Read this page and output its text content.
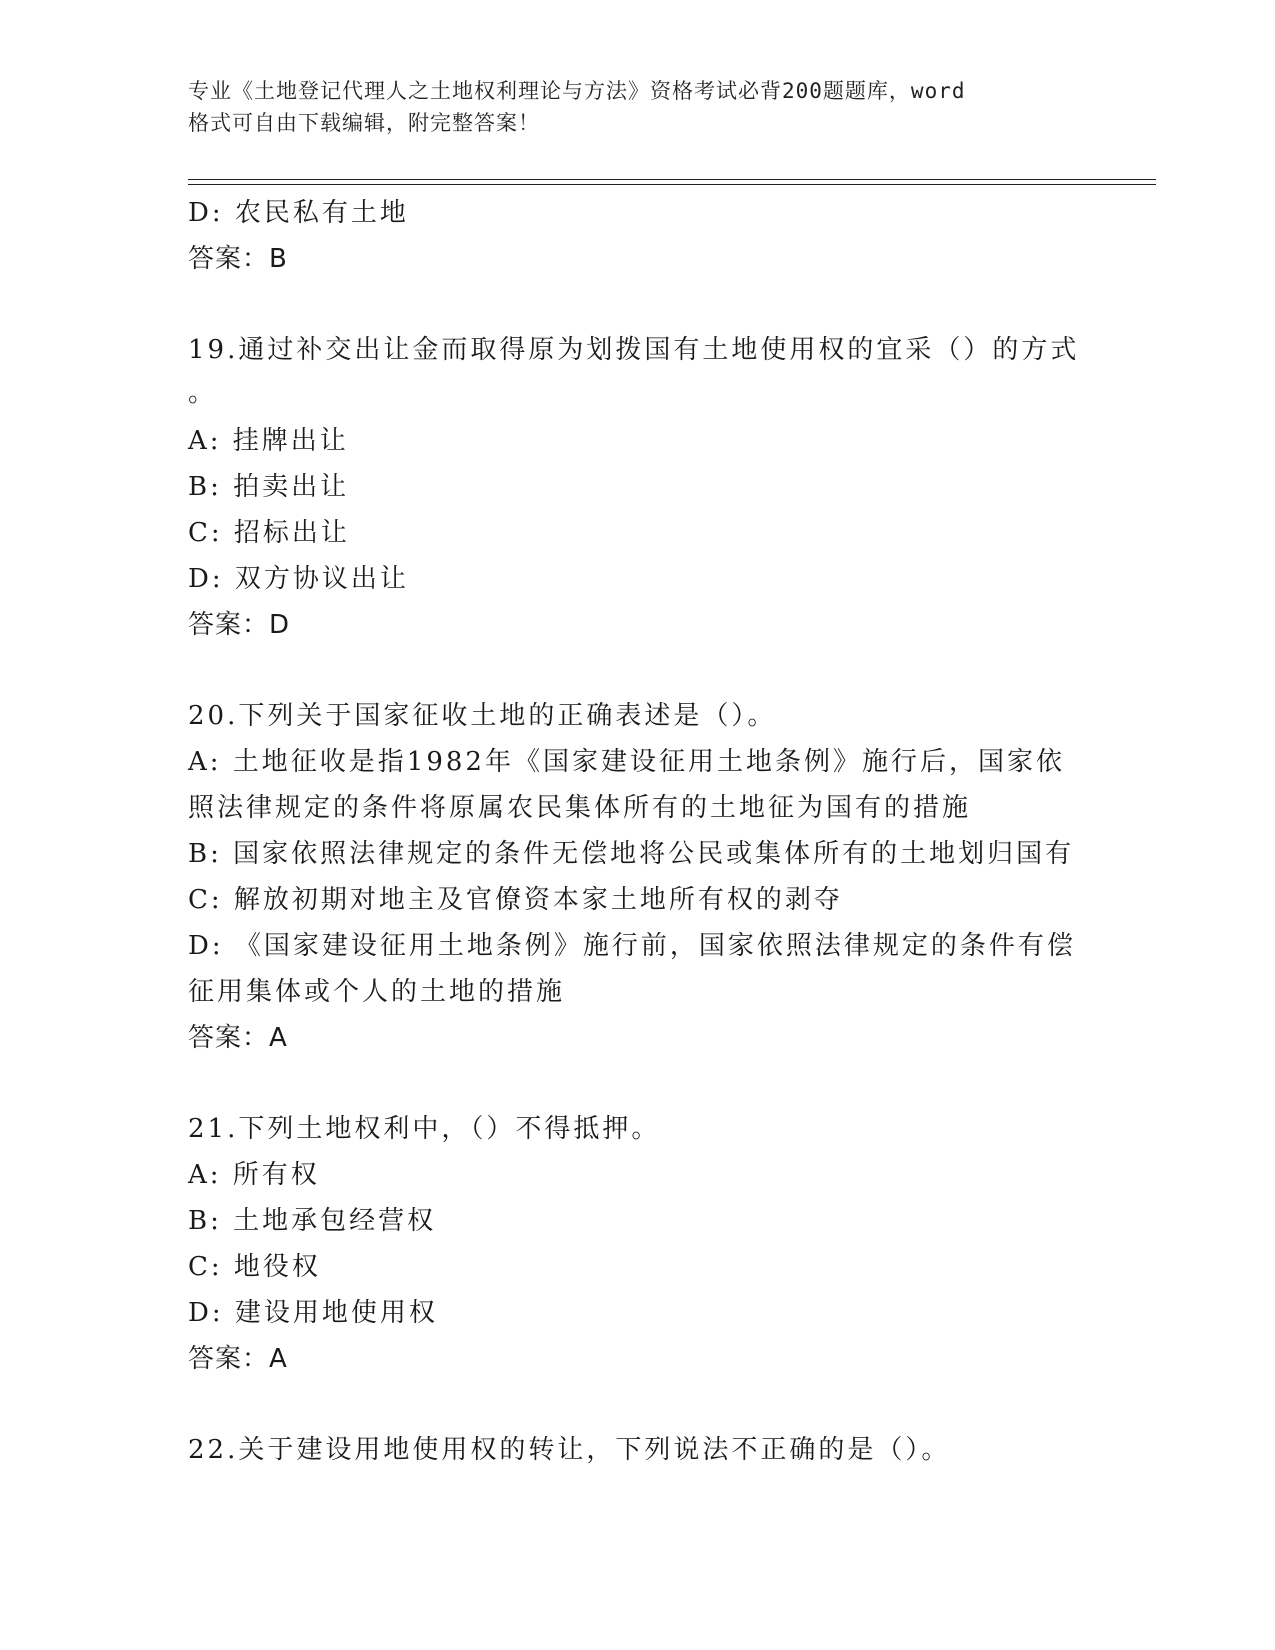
专业《土地登记代理人之土地权利理论与方法》资格考试必背200题题库，word
格式可自由下载编辑，附完整答案！
D: 农民私有土地
答案：B
19.通过补交出让金而取得原为划拨国有土地使用权的宜采（）的方式
。
A: 挂牌出让
B: 拍卖出让
C: 招标出让
D: 双方协议出让
答案：D
20.下列关于国家征收土地的正确表述是（）。
A: 土地征收是指1982年《国家建设征用土地条例》施行后，国家依
照法律规定的条件将原属农民集体所有的土地征为国有的措施
B: 国家依照法律规定的条件无偿地将公民或集体所有的土地划归国有
C: 解放初期对地主及官僚资本家土地所有权的剥夺
D: 《国家建设征用土地条例》施行前，国家依照法律规定的条件有偿
征用集体或个人的土地的措施
答案：A
21.下列土地权利中，（）不得抵押。
A: 所有权
B: 土地承包经营权
C: 地役权
D: 建设用地使用权
答案：A
22.关于建设用地使用权的转让，下列说法不正确的是（）。
